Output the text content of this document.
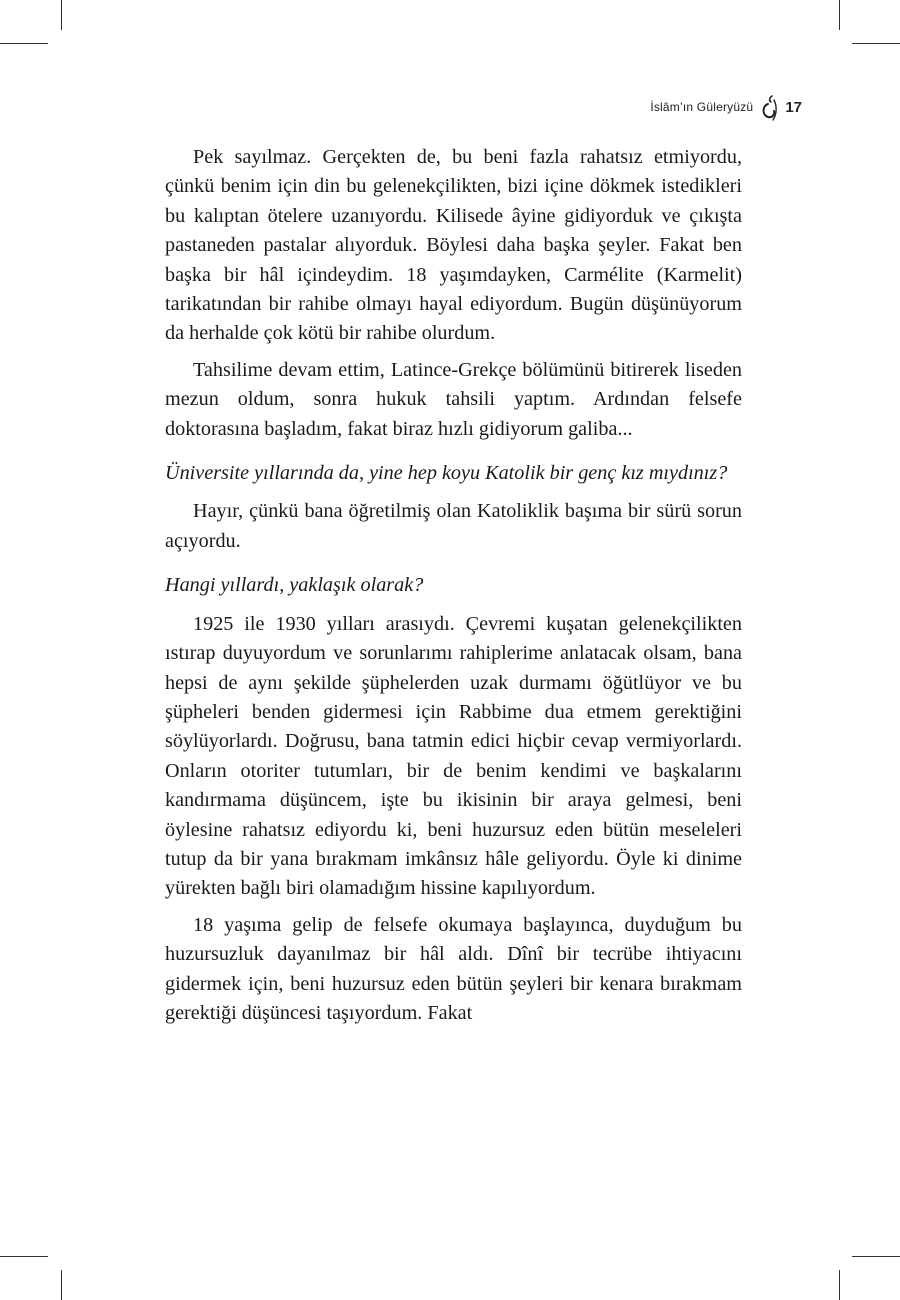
İslâm’ın Güleryüzü 17

Pek sayılmaz. Gerçekten de, bu beni fazla rahatsız etmiyordu, çünkü benim için din bu gelenekçilikten, bizi içine dökmek istedikleri bu kalıptan ötelere uzanıyordu. Kilisede âyine gidiyorduk ve çıkışta pastaneden pastalar alıyorduk. Böylesi daha başka şeyler. Fakat ben başka bir hâl içindeydim. 18 yaşımdayken, Carmélite (Karmelit) tarikatından bir rahibe olmayı hayal ediyordum. Bugün düşünüyorum da herhalde çok kötü bir rahibe olurdum.

Tahsilime devam ettim, Latince-Grekçe bölümünü bitirerek liseden mezun oldum, sonra hukuk tahsili yaptım. Ardından felsefe doktorasına başladım, fakat biraz hızlı gidiyorum galiba...

Üniversite yıllarında da, yine hep koyu Katolik bir genç kız mıydınız?

Hayır, çünkü bana öğretilmiş olan Katoliklik başıma bir sürü sorun açıyordu.

Hangi yıllardı, yaklaşık olarak?

1925 ile 1930 yılları arasıydı. Çevremi kuşatan gelenekçilikten ıstırap duyuyordum ve sorunlarımı rahiplerime anlatacak olsam, bana hepsi de aynı şekilde şüphelerden uzak durmamı öğütlüyor ve bu şüpheleri benden gidermesi için Rabbime dua etmem gerektiğini söylüyorlardı. Doğrusu, bana tatmin edici hiçbir cevap vermiyorlardı. Onların otoriter tutumları, bir de benim kendimi ve başkalarını kandırmama düşüncem, işte bu ikisinin bir araya gelmesi, beni öylesine rahatsız ediyordu ki, beni huzursuz eden bütün meseleleri tutup da bir yana bırakmam imkânsız hâle geliyordu. Öyle ki dinime yürekten bağlı biri olamadığım hissine kapılıyordum.

18 yaşıma gelip de felsefe okumaya başlayınca, duyduğum bu huzursuzluk dayanılmaz bir hâl aldı. Dînî bir tecrübe ihtiyacını gidermek için, beni huzursuz eden bütün şeyleri bir kenara bırakmam gerektiği düşüncesi taşıyordum. Fakat
